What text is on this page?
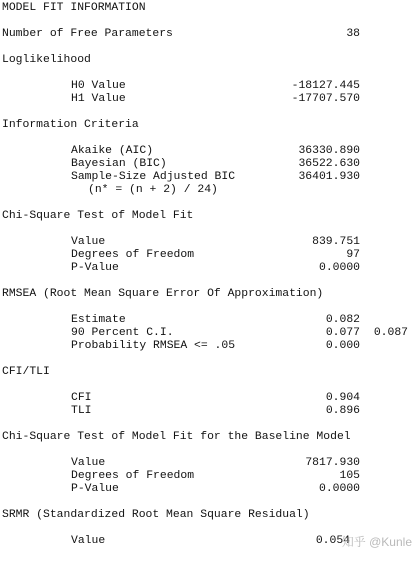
MODEL FIT INFORMATION
Number of Free Parameters	38
Loglikelihood
H0 Value	-18127.445
H1 Value	-17707.570
Information Criteria
Akaike (AIC)	36330.890
Bayesian (BIC)	36522.630
Sample-Size Adjusted BIC	36401.930
(n* = (n + 2) / 24)
Chi-Square Test of Model Fit
Value	839.751
Degrees of Freedom	97
P-Value	0.0000
RMSEA (Root Mean Square Error Of Approximation)
Estimate	0.082
90 Percent C.I.	0.077 0.087
Probability RMSEA <= .05	0.000
CFI/TLI
CFI	0.904
TLI	0.896
Chi-Square Test of Model Fit for the Baseline Model
Value	7817.930
Degrees of Freedom	105
P-Value	0.0000
SRMR (Standardized Root Mean Square Residual)
Value	0.054
知乎 @Kunle
